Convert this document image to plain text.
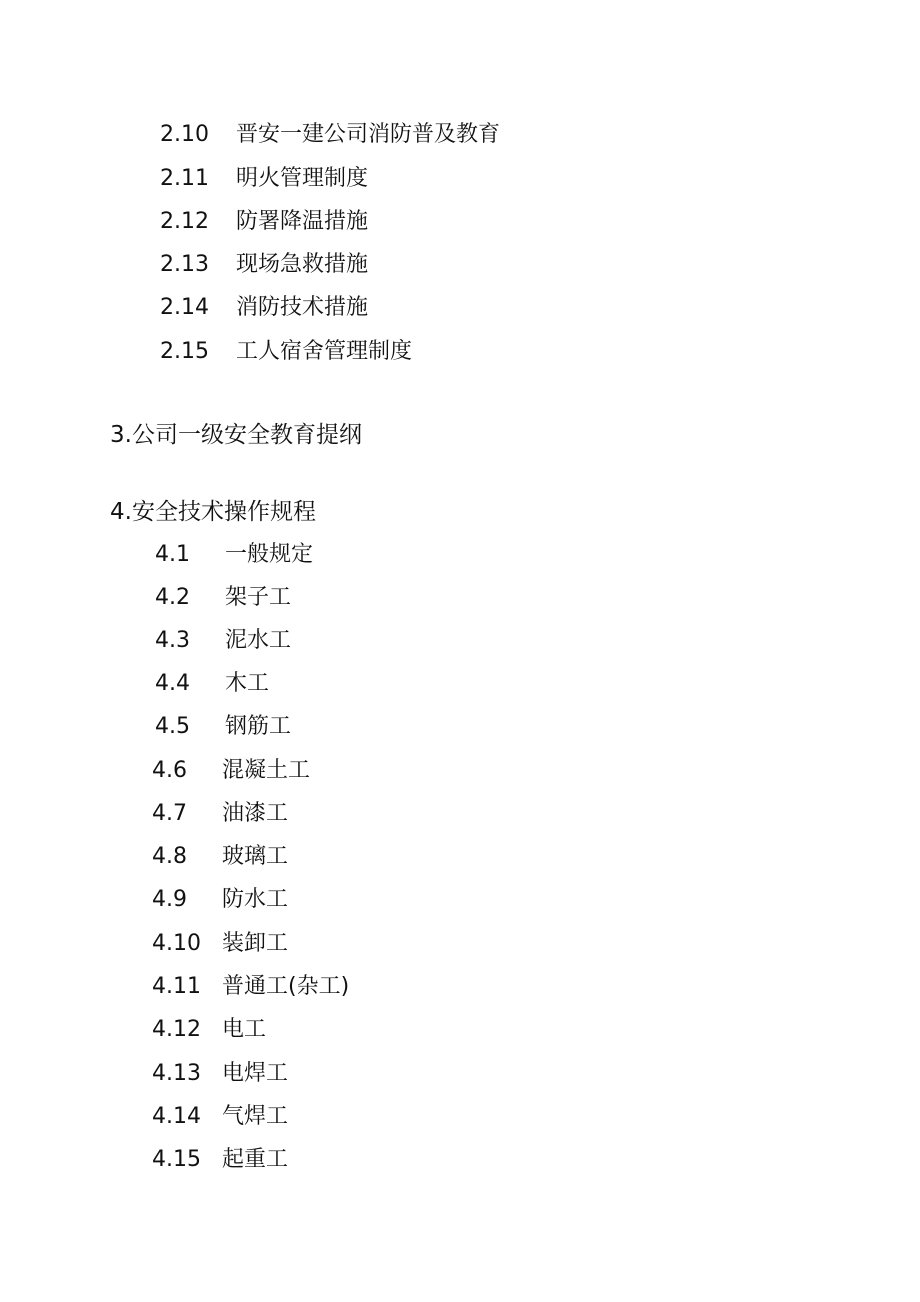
2.10 晋安一建公司消防普及教育
2.11 明火管理制度
2.12 防署降温措施
2.13 现场急救措施
2.14 消防技术措施
2.15 工人宿舍管理制度
3.公司一级安全教育提纲
4.安全技术操作规程
4.1 一般规定
4.2 架子工
4.3 泥水工
4.4 木工
4.5 钢筋工
4.6 混凝土工
4.7 油漆工
4.8 玻璃工
4.9 防水工
4.10 装卸工
4.11 普通工(杂工)
4.12 电工
4.13 电焊工
4.14 气焊工
4.15 起重工
